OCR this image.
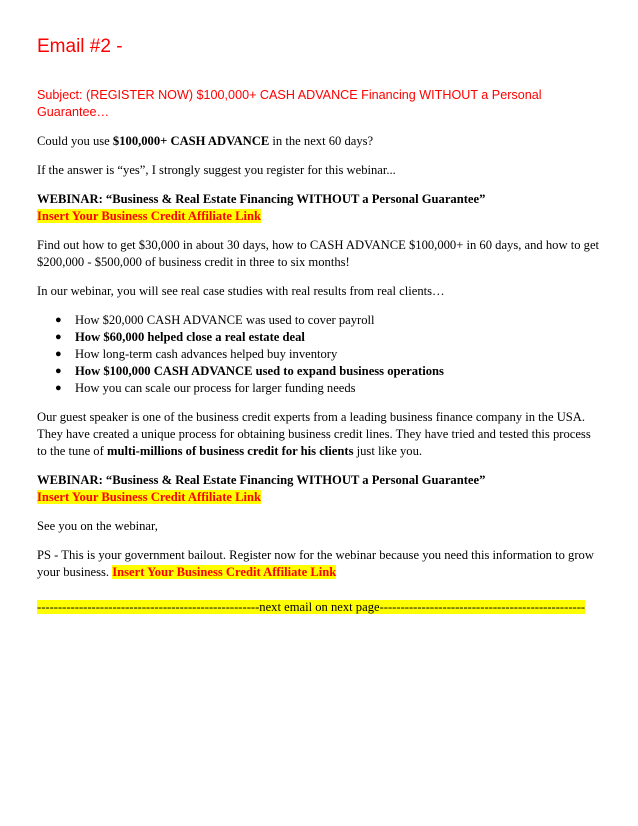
Email #2 -
Subject: (REGISTER NOW) $100,000+ CASH ADVANCE Financing WITHOUT a Personal Guarantee…

Could you use $100,000+ CASH ADVANCE in the next 60 days?

If the answer is “yes”, I strongly suggest you register for this webinar...

WEBINAR: “Business & Real Estate Financing WITHOUT a Personal Guarantee”
Insert Your Business Credit Affiliate Link

Find out how to get $30,000 in about 30 days, how to CASH ADVANCE $100,000+ in 60 days, and how to get $200,000 - $500,000 of business credit in three to six months!

In our webinar, you will see real case studies with real results from real clients…

● How $20,000 CASH ADVANCE was used to cover payroll
● How $60,000 helped close a real estate deal
● How long-term cash advances helped buy inventory
● How $100,000 CASH ADVANCE used to expand business operations
● How you can scale our process for larger funding needs

Our guest speaker is one of the business credit experts from a leading business finance company in the USA. They have created a unique process for obtaining business credit lines. They have tried and tested this process to the tune of multi-millions of business credit for his clients just like you.

WEBINAR: “Business & Real Estate Financing WITHOUT a Personal Guarantee”
Insert Your Business Credit Affiliate Link

See you on the webinar,

PS - This is your government bailout. Register now for the webinar because you need this information to grow your business. Insert Your Business Credit Affiliate Link

-----------------------------------------------------next email on next page-------------------------------------------------
